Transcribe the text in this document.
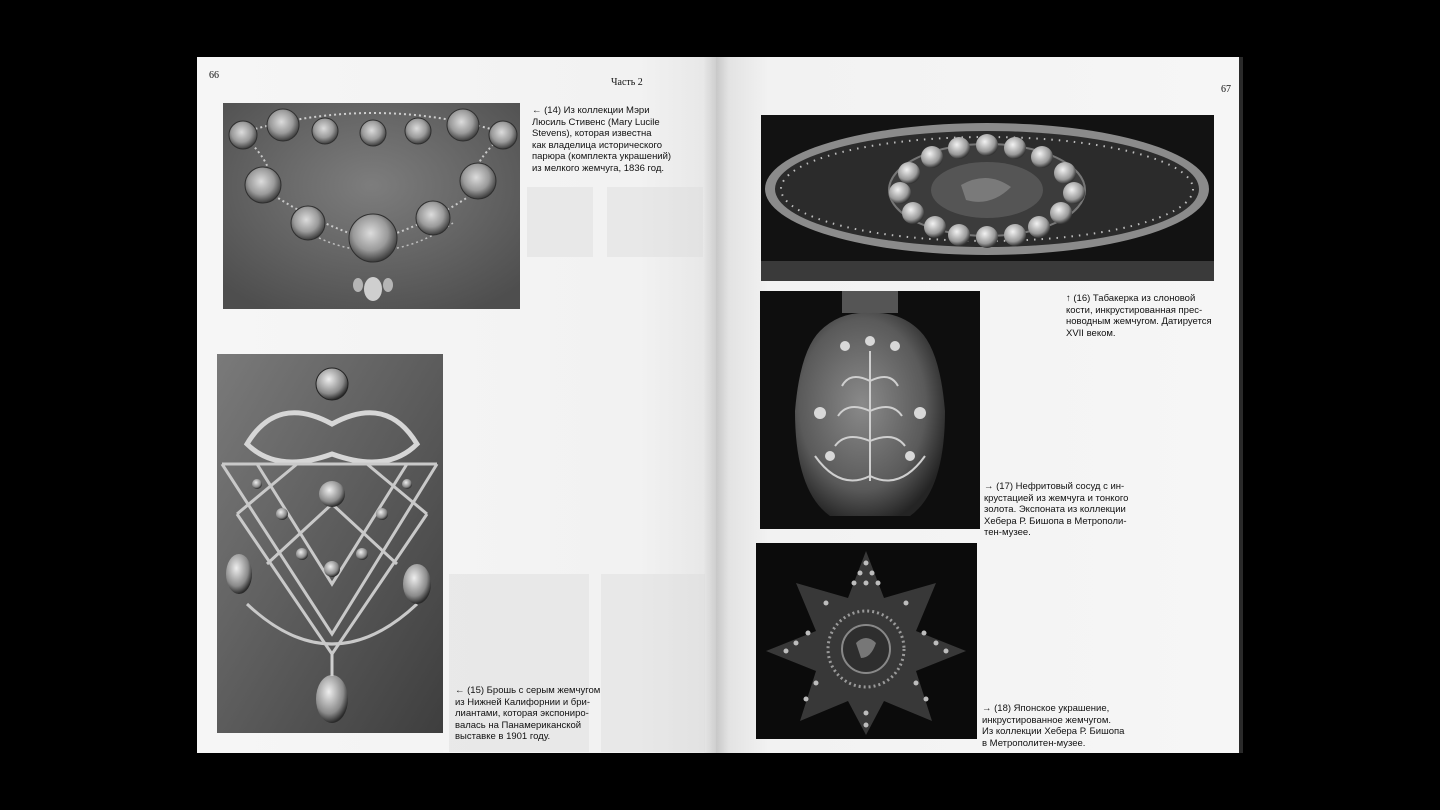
66
Часть 2
← (14) Из коллекции Мэри
Люсиль Стивенс (Mary Lucile
Stevens), которая известна
как владелица исторического
парюра (комплекта украшений)
из мелкого жемчуга, 1836 год.
← (15) Брошь с серым жемчугом
из Нижней Калифорнии и бри-
лиантами, которая экспониро-
валась на Панамериканской
выставке в 1901 году.
67
↑ (16) Табакерка из слоновой
кости, инкрустированная прес-
новодным жемчугом. Датируется
XVII веком.
→ (17) Нефритовый сосуд с ин-
крустацией из жемчуга и тонкого
золота. Экспоната из коллекции
Хебера Р. Бишопа в Метрополи-
тен-музее.
→ (18) Японское украшение,
инкрустированное жемчугом.
Из коллекции Хебера Р. Бишопа
в Метрополитен-музее.
